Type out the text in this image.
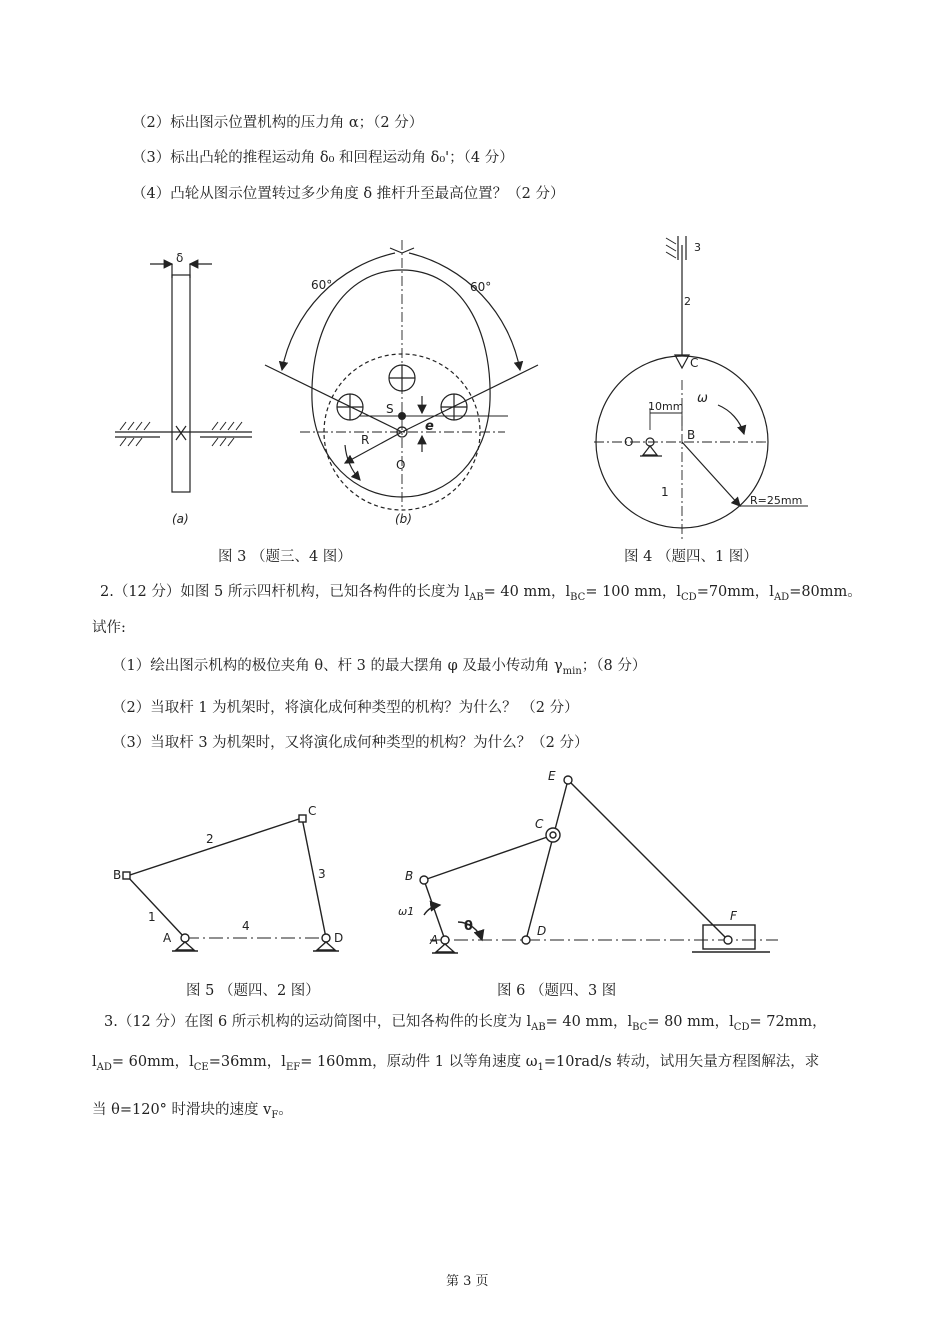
（2）标出图示位置机构的压力角 α；（2 分）
（3）标出凸轮的推程运动角 δ₀ 和回程运动角 δ₀'；（4 分）
（4）凸轮从图示位置转过多少角度 δ 推杆升至最高位置？（2 分）
δ
(a)
60°	60°
S
R
O
e
(b)
3
2
C
10mm
ω
O	B
1
R=25mm
B
C
A	D
1
2
3
4
E
C
B
ω1
θ
A
D
F
图 3 （题三、4 图）	图 4 （题四、1 图）
2.（12 分）如图 5 所示四杆机构，已知各构件的长度为 $l_{AB}= 40$ mm，$l_{BC}= 100$ mm，$l_{CD}=70mm$，$l_{AD}=80mm$。
试作:
（1）绘出图示机构的极位夹角 θ、杆 3 的最大摆角 φ 及最小传动角 $\gamma_{min}$；（8 分）
（2）当取杆 1 为机架时，将演化成何种类型的机构？为什么？ （2 分）
（3）当取杆 3 为机架时，又将演化成何种类型的机构？为什么？（2 分）
图 5 （题四、2 图）	图 6 （题四、3 图
3.（12 分）在图 6 所示机构的运动简图中，已知各构件的长度为 $l_{AB}= 40$ mm，$l_{BC}= 80$ mm，$l_{CD}= 72mm$，
$l_{AD}= 60mm$，$l_{CE}=36mm$，$l_{EF}= 160mm$，原动件 1 以等角速度 $\omega_1=10rad/s$ 转动，试用矢量方程图解法，求
当 θ=120° 时滑块的速度 $v_F$。
第 3 页
